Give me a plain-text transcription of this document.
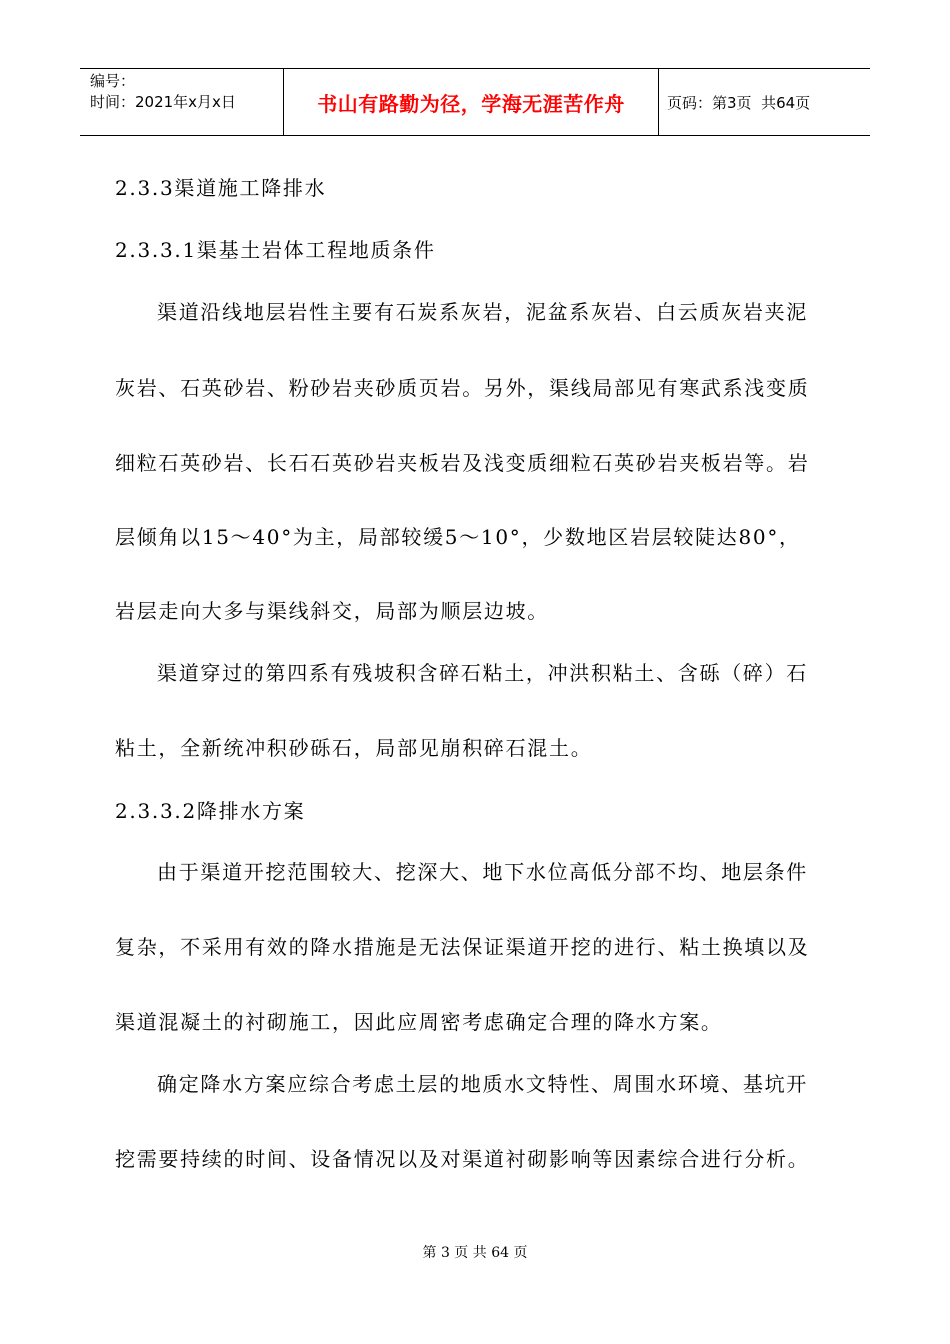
编号：
时间：2021年x月x日	书山有路勤为径，学海无涯苦作舟	页码：第3页  共64页
2.3.3渠道施工降排水
2.3.3.1渠基土岩体工程地质条件
渠道沿线地层岩性主要有石炭系灰岩，泥盆系灰岩、白云质灰岩夹泥
灰岩、石英砂岩、粉砂岩夹砂质页岩。另外，渠线局部见有寒武系浅变质
细粒石英砂岩、长石石英砂岩夹板岩及浅变质细粒石英砂岩夹板岩等。岩
层倾角以15～40°为主，局部较缓5～10°，少数地区岩层较陡达80°，
岩层走向大多与渠线斜交，局部为顺层边坡。
渠道穿过的第四系有残坡积含碎石粘土，冲洪积粘土、含砾（碎）石
粘土，全新统冲积砂砾石，局部见崩积碎石混土。
2.3.3.2降排水方案
由于渠道开挖范围较大、挖深大、地下水位高低分部不均、地层条件
复杂，不采用有效的降水措施是无法保证渠道开挖的进行、粘土换填以及
渠道混凝土的衬砌施工，因此应周密考虑确定合理的降水方案。
确定降水方案应综合考虑土层的地质水文特性、周围水环境、基坑开
挖需要持续的时间、设备情况以及对渠道衬砌影响等因素综合进行分析。
第 3 页 共 64 页
